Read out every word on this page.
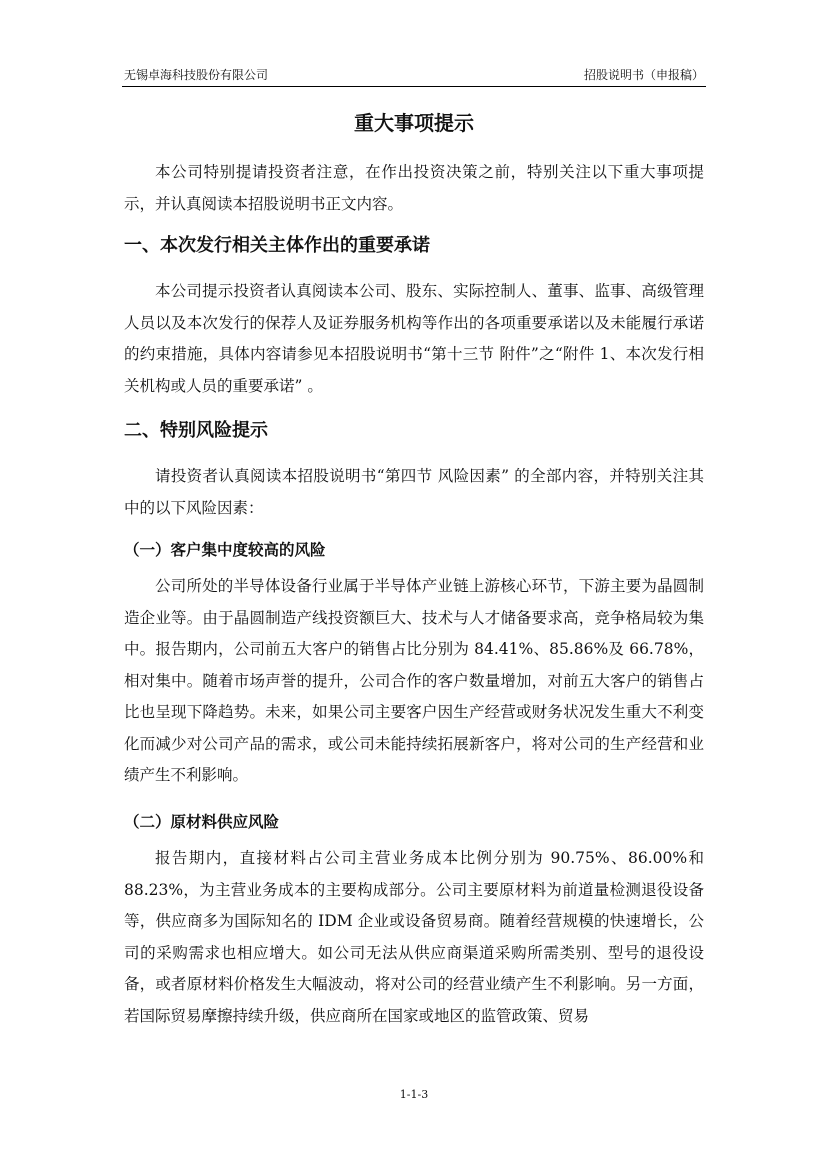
无锡卓海科技股份有限公司	招股说明书（申报稿）
重大事项提示

本公司特别提请投资者注意，在作出投资决策之前，特别关注以下重大事项提示，并认真阅读本招股说明书正文内容。

一、本次发行相关主体作出的重要承诺

本公司提示投资者认真阅读本公司、股东、实际控制人、董事、监事、高级管理人员以及本次发行的保荐人及证券服务机构等作出的各项重要承诺以及未能履行承诺的约束措施，具体内容请参见本招股说明书“第十三节 附件”之“附件 1、本次发行相关机构或人员的重要承诺” 。

二、特别风险提示

请投资者认真阅读本招股说明书“第四节 风险因素” 的全部内容，并特别关注其中的以下风险因素：

（一）客户集中度较高的风险

公司所处的半导体设备行业属于半导体产业链上游核心环节，下游主要为晶圆制造企业等。由于晶圆制造产线投资额巨大、技术与人才储备要求高，竞争格局较为集中。报告期内，公司前五大客户的销售占比分别为 84.41%、85.86%及 66.78%，相对集中。随着市场声誉的提升，公司合作的客户数量增加，对前五大客户的销售占比也呈现下降趋势。未来，如果公司主要客户因生产经营或财务状况发生重大不利变化而减少对公司产品的需求，或公司未能持续拓展新客户，将对公司的生产经营和业绩产生不利影响。

（二）原材料供应风险

报告期内，直接材料占公司主营业务成本比例分别为 90.75%、86.00%和 88.23%，为主营业务成本的主要构成部分。公司主要原材料为前道量检测退役设备等，供应商多为国际知名的 IDM 企业或设备贸易商。随着经营规模的快速增长，公司的采购需求也相应增大。如公司无法从供应商渠道采购所需类别、型号的退役设备，或者原材料价格发生大幅波动，将对公司的经营业绩产生不利影响。另一方面，若国际贸易摩擦持续升级，供应商所在国家或地区的监管政策、贸易

1-1-3
